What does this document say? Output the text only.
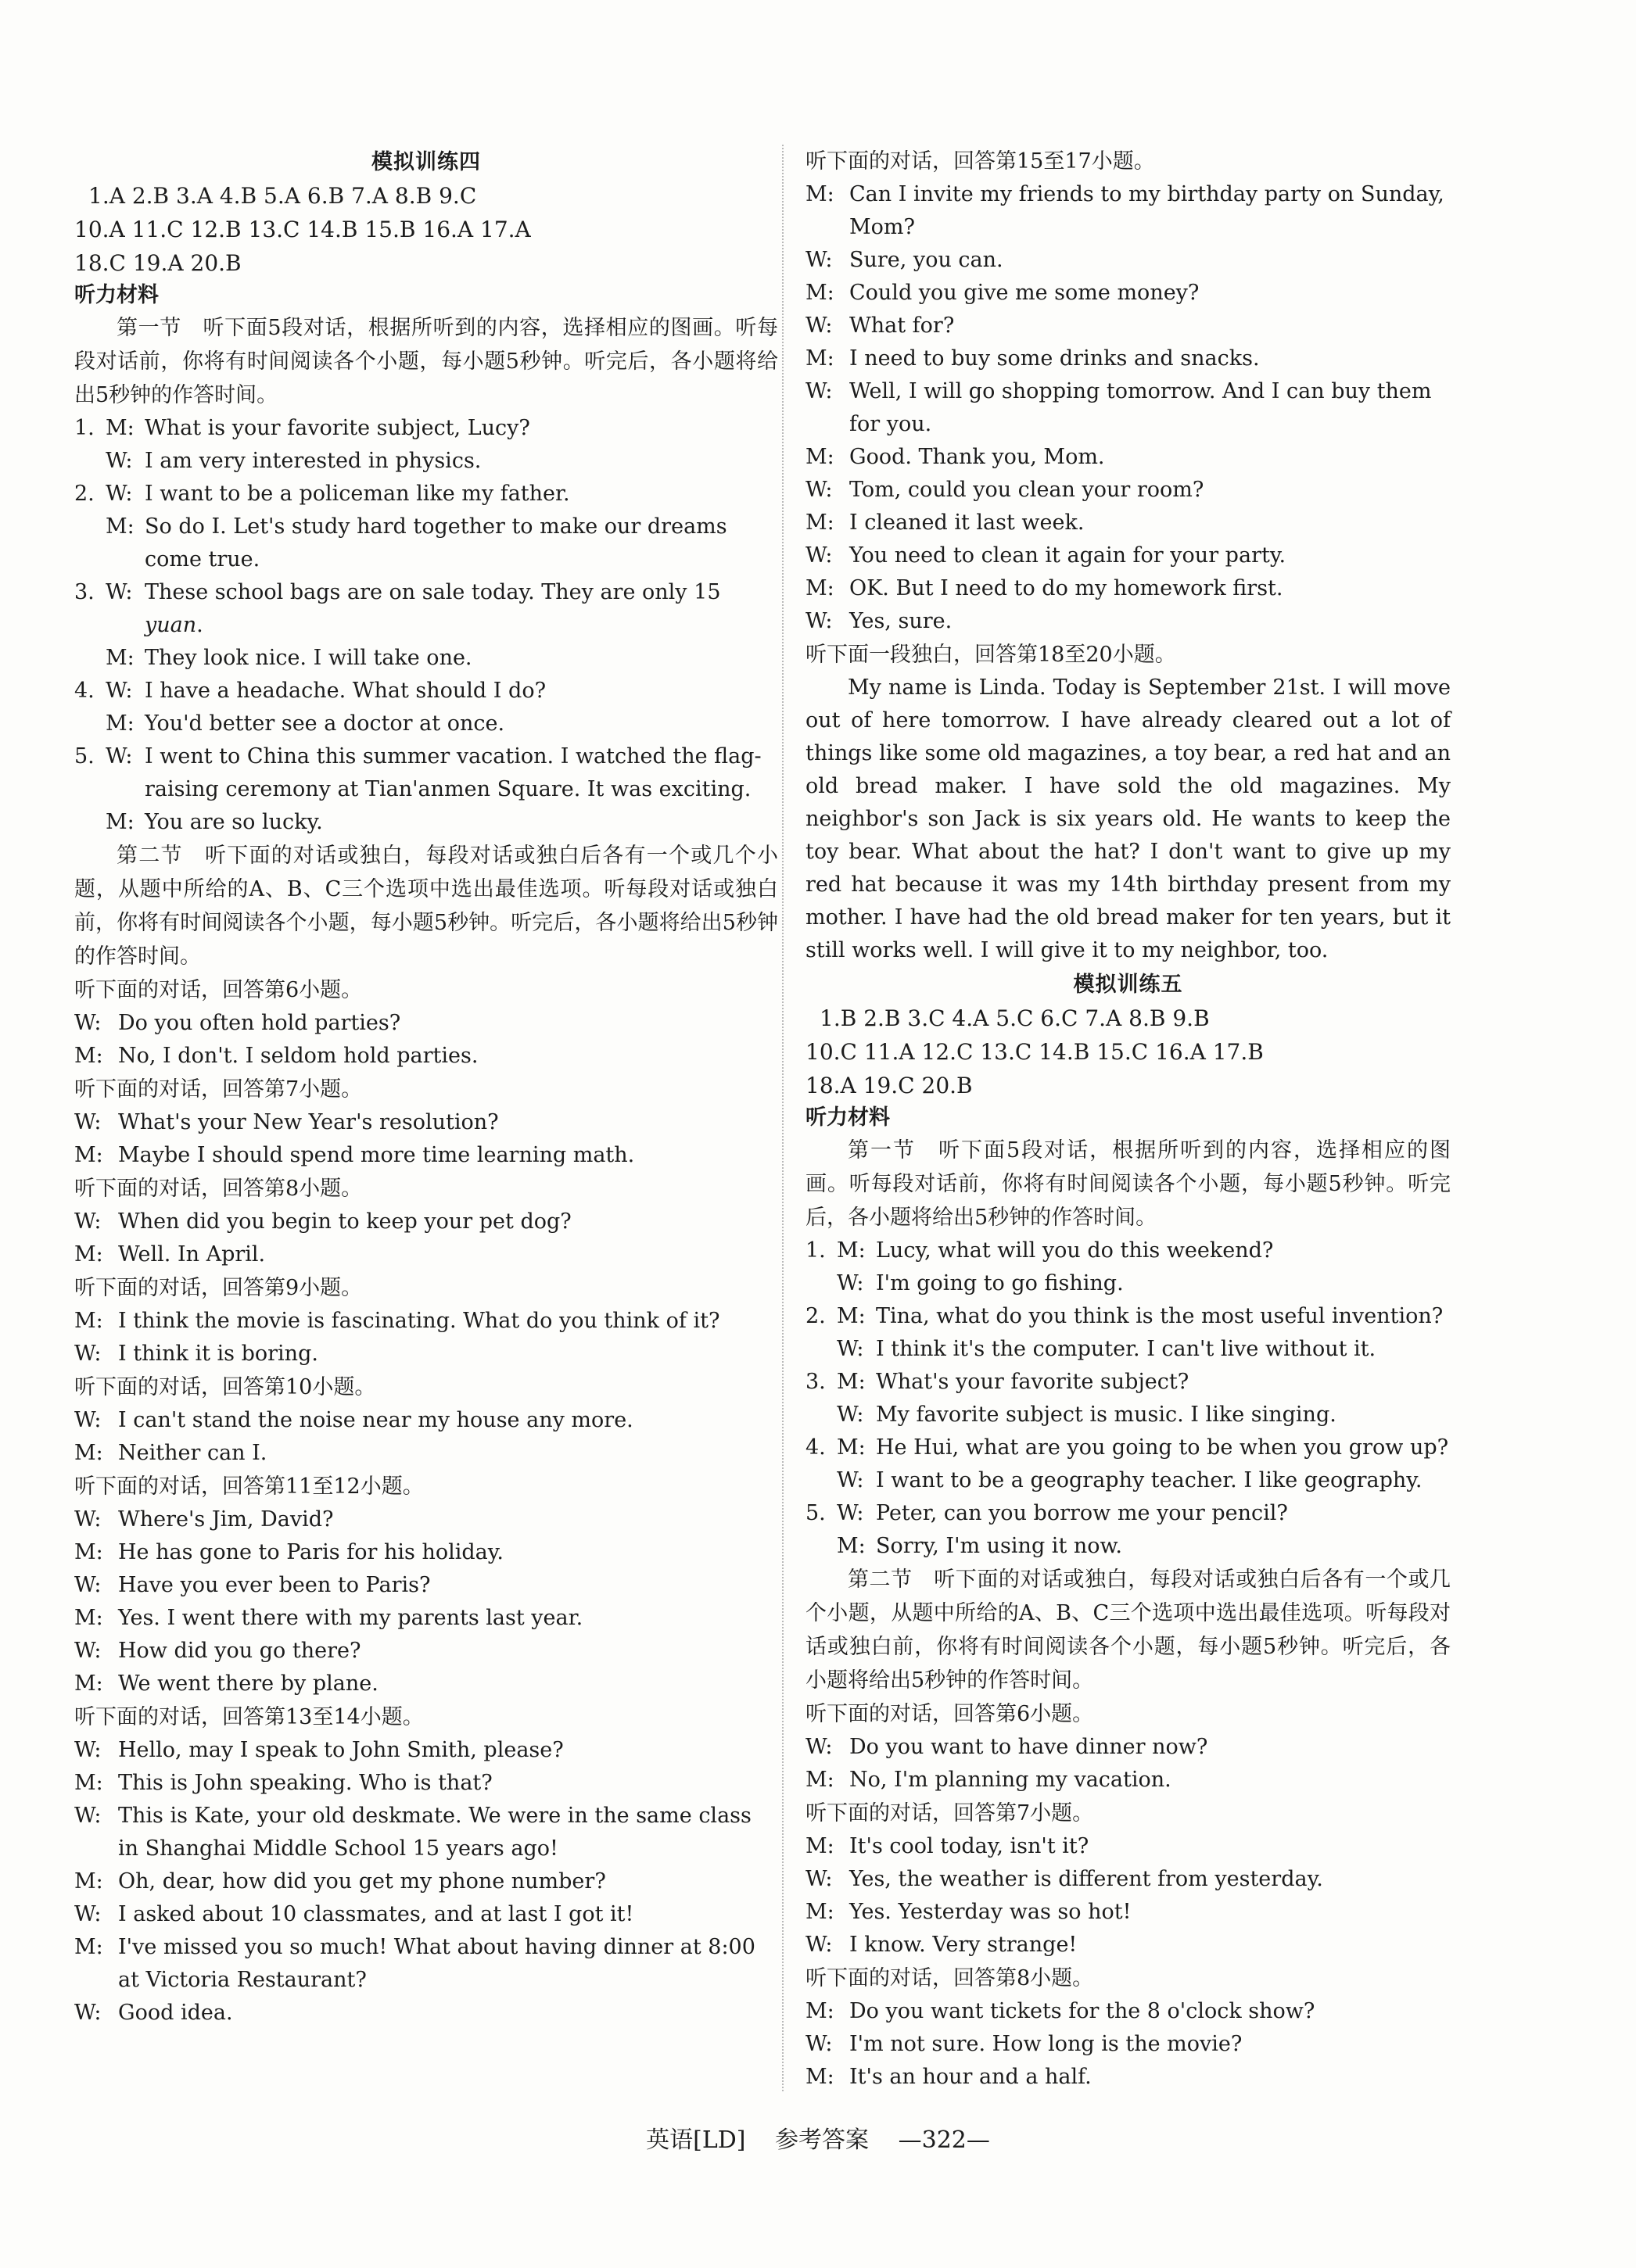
模拟训练四
1.A 2.B 3.A 4.B 5.A 6.B 7.A 8.B 9.C
10.A 11.C 12.B 13.C 14.B 15.B 16.A 17.A
18.C 19.A 20.B
听力材料
第一节　听下面5段对话，根据所听到的内容，选择相应的图画。听每段对话前，你将有时间阅读各个小题，每小题5秒钟。听完后，各小题将给出5秒钟的作答时间。
1. M: What is your favorite subject, Lucy?
W: I am very interested in physics.
2. W: I want to be a policeman like my father.
M: So do I. Let's study hard together to make our dreams come true.
3. W: These school bags are on sale today. They are only 15 yuan.
M: They look nice. I will take one.
4. W: I have a headache. What should I do?
M: You'd better see a doctor at once.
5. W: I went to China this summer vacation. I watched the flag-raising ceremony at Tian'anmen Square. It was exciting.
M: You are so lucky.
第二节　听下面的对话或独白，每段对话或独白后各有一个或几个小题，从题中所给的A、B、C三个选项中选出最佳选项。听每段对话或独白前，你将有时间阅读各个小题，每小题5秒钟。听完后，各小题将给出5秒钟的作答时间。
听下面的对话，回答第6小题。
W: Do you often hold parties?
M: No, I don't. I seldom hold parties.
听下面的对话，回答第7小题。
W: What's your New Year's resolution?
M: Maybe I should spend more time learning math.
听下面的对话，回答第8小题。
W: When did you begin to keep your pet dog?
M: Well. In April.
听下面的对话，回答第9小题。
M: I think the movie is fascinating. What do you think of it?
W: I think it is boring.
听下面的对话，回答第10小题。
W: I can't stand the noise near my house any more.
M: Neither can I.
听下面的对话，回答第11至12小题。
W: Where's Jim, David?
M: He has gone to Paris for his holiday.
W: Have you ever been to Paris?
M: Yes. I went there with my parents last year.
W: How did you go there?
M: We went there by plane.
听下面的对话，回答第13至14小题。
W: Hello, may I speak to John Smith, please?
M: This is John speaking. Who is that?
W: This is Kate, your old deskmate. We were in the same class in Shanghai Middle School 15 years ago!
M: Oh, dear, how did you get my phone number?
W: I asked about 10 classmates, and at last I got it!
M: I've missed you so much! What about having dinner at 8:00 at Victoria Restaurant?
W: Good idea.
听下面的对话，回答第15至17小题。
M: Can I invite my friends to my birthday party on Sunday, Mom?
W: Sure, you can.
M: Could you give me some money?
W: What for?
M: I need to buy some drinks and snacks.
W: Well, I will go shopping tomorrow. And I can buy them for you.
M: Good. Thank you, Mom.
W: Tom, could you clean your room?
M: I cleaned it last week.
W: You need to clean it again for your party.
M: OK. But I need to do my homework first.
W: Yes, sure.
听下面一段独白，回答第18至20小题。
My name is Linda. Today is September 21st. I will move out of here tomorrow. I have already cleared out a lot of things like some old magazines, a toy bear, a red hat and an old bread maker. I have sold the old magazines. My neighbor's son Jack is six years old. He wants to keep the toy bear. What about the hat? I don't want to give up my red hat because it was my 14th birthday present from my mother. I have had the old bread maker for ten years, but it still works well. I will give it to my neighbor, too.
模拟训练五
1.B 2.B 3.C 4.A 5.C 6.C 7.A 8.B 9.B
10.C 11.A 12.C 13.C 14.B 15.C 16.A 17.B
18.A 19.C 20.B
听力材料
第一节　听下面5段对话，根据所听到的内容，选择相应的图画。听每段对话前，你将有时间阅读各个小题，每小题5秒钟。听完后，各小题将给出5秒钟的作答时间。
1. M: Lucy, what will you do this weekend?
W: I'm going to go fishing.
2. M: Tina, what do you think is the most useful invention?
W: I think it's the computer. I can't live without it.
3. M: What's your favorite subject?
W: My favorite subject is music. I like singing.
4. M: He Hui, what are you going to be when you grow up?
W: I want to be a geography teacher. I like geography.
5. W: Peter, can you borrow me your pencil?
M: Sorry, I'm using it now.
第二节　听下面的对话或独白，每段对话或独白后各有一个或几个小题，从题中所给的A、B、C三个选项中选出最佳选项。听每段对话或独白前，你将有时间阅读各个小题，每小题5秒钟。听完后，各小题将给出5秒钟的作答时间。
听下面的对话，回答第6小题。
W: Do you want to have dinner now?
M: No, I'm planning my vacation.
听下面的对话，回答第7小题。
M: It's cool today, isn't it?
W: Yes, the weather is different from yesterday.
M: Yes. Yesterday was so hot!
W: I know. Very strange!
听下面的对话，回答第8小题。
M: Do you want tickets for the 8 o'clock show?
W: I'm not sure. How long is the movie?
M: It's an hour and a half.
英语[LD] 参考答案 —322—
